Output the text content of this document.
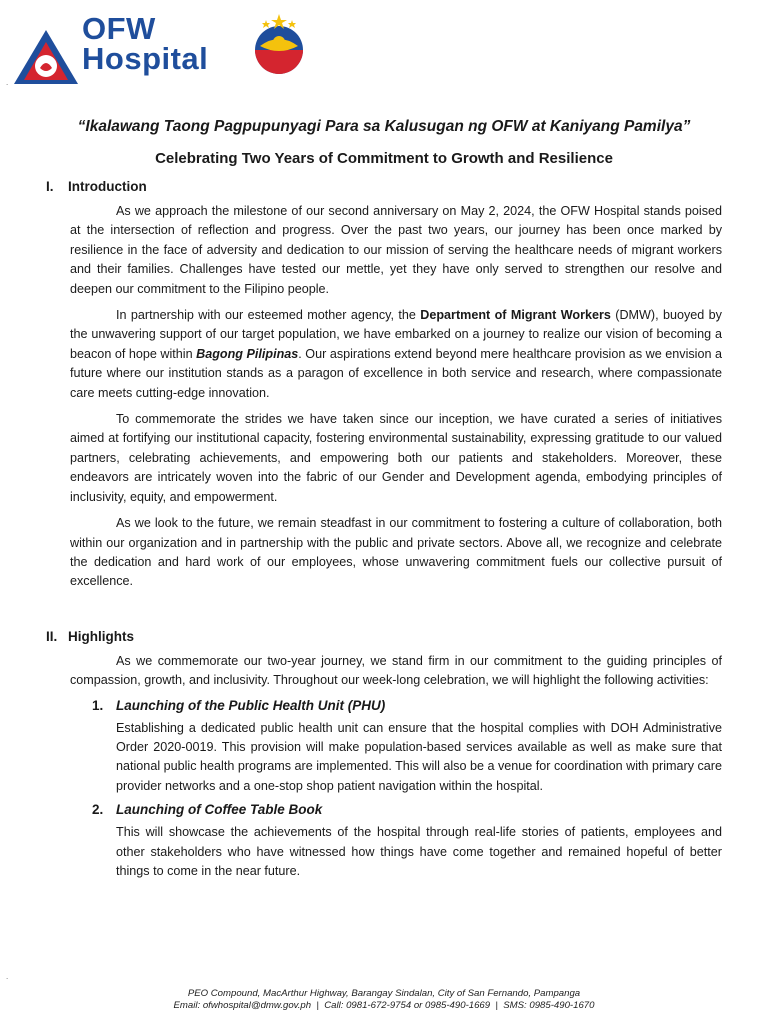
OFW
Hospital
.
.

“Ikalawang Taong Pagpupunyagi Para sa Kalusugan ng OFW at Kaniyang Pamilya”

Celebrating Two Years of Commitment to Growth and Resilience

I. Introduction

As we approach the milestone of our second anniversary on May 2, 2024, the OFW Hospital stands poised at the intersection of reflection and progress. Over the past two years, our journey has been once marked by resilience in the face of adversity and dedication to our mission of serving the healthcare needs of migrant workers and their families. Challenges have tested our mettle, yet they have only served to strengthen our resolve and deepen our commitment to the Filipino people.

In partnership with our esteemed mother agency, the Department of Migrant Workers (DMW), buoyed by the unwavering support of our target population, we have embarked on a journey to realize our vision of becoming a beacon of hope within Bagong Pilipinas. Our aspirations extend beyond mere healthcare provision as we envision a future where our institution stands as a paragon of excellence in both service and research, where compassionate care meets cutting-edge innovation.

To commemorate the strides we have taken since our inception, we have curated a series of initiatives aimed at fortifying our institutional capacity, fostering environmental sustainability, expressing gratitude to our valued partners, celebrating achievements, and empowering both our patients and stakeholders. Moreover, these endeavors are intricately woven into the fabric of our Gender and Development agenda, embodying principles of inclusivity, equity, and empowerment.

As we look to the future, we remain steadfast in our commitment to fostering a culture of collaboration, both within our organization and in partnership with the public and private sectors. Above all, we recognize and celebrate the dedication and hard work of our employees, whose unwavering commitment fuels our collective pursuit of excellence.

II. Highlights

As we commemorate our two-year journey, we stand firm in our commitment to the guiding principles of compassion, growth, and inclusivity. Throughout our week-long celebration, we will highlight the following activities:

1. Launching of the Public Health Unit (PHU)

Establishing a dedicated public health unit can ensure that the hospital complies with DOH Administrative Order 2020-0019. This provision will make population-based services available as well as make sure that national public health programs are implemented. This will also be a venue for coordination with primary care provider networks and a one-stop shop patient navigation within the hospital.

2. Launching of Coffee Table Book

This will showcase the achievements of the hospital through real-life stories of patients, employees and other stakeholders who have witnessed how things have come together and remained hopeful of better things to come in the near future.

PEO Compound, MacArthur Highway, Barangay Sindalan, City of San Fernando, Pampanga
Email: ofwhospital@dmw.gov.ph  |  Call: 0981-672-9754 or 0985-490-1669  |  SMS: 0985-490-1670
